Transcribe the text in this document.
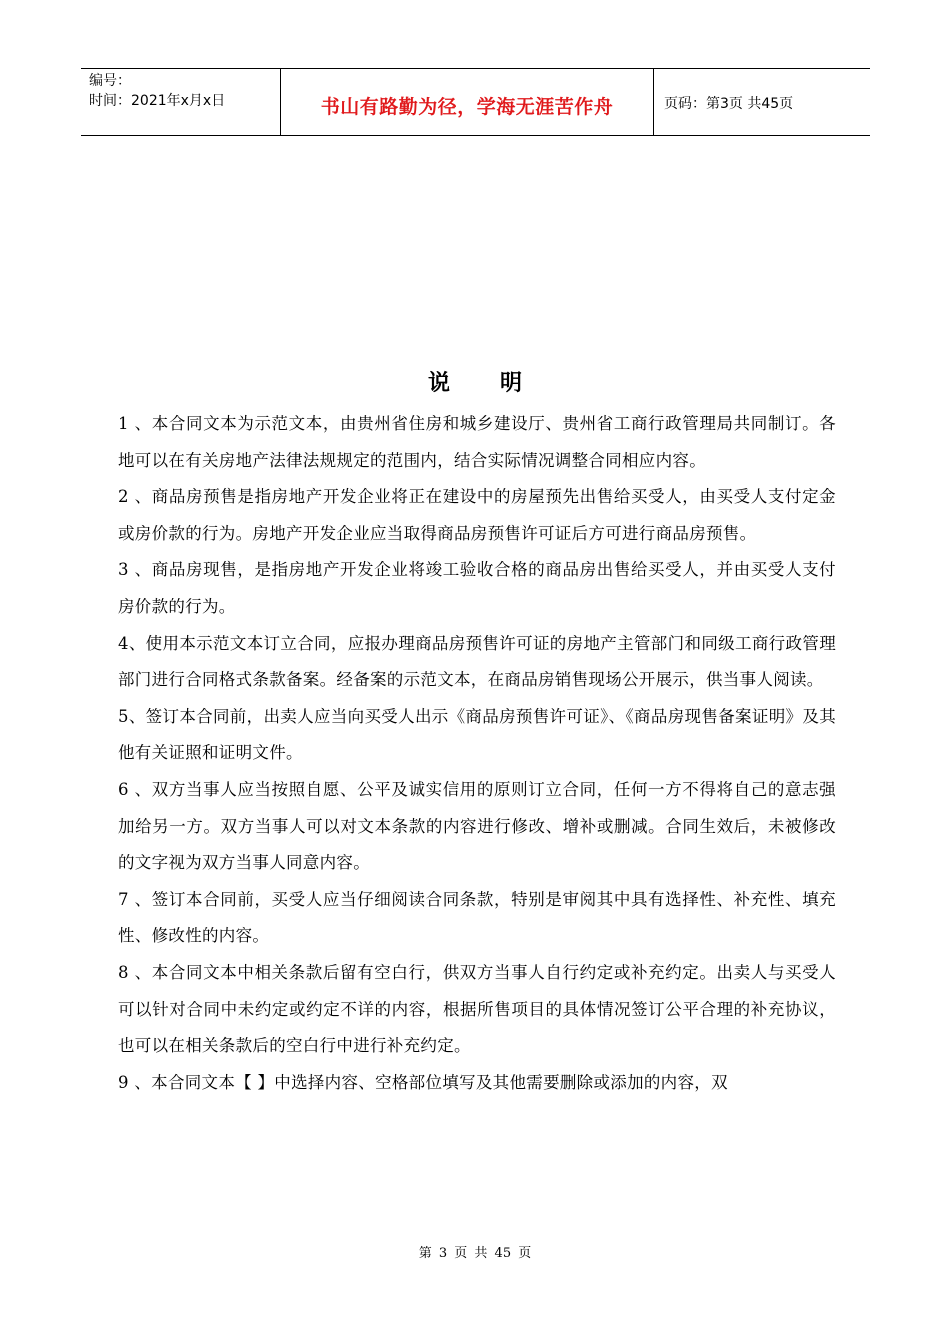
编号：
时间：2021年x月x日	书山有路勤为径，学海无涯苦作舟	页码：第3页 共45页
说 明

1 、本合同文本为示范文本，由贵州省住房和城乡建设厅、贵州省工商行政管理局共同制订。各地可以在有关房地产法律法规规定的范围内，结合实际情况调整合同相应内容。

2 、商品房预售是指房地产开发企业将正在建设中的房屋预先出售给买受人，由买受人支付定金或房价款的行为。房地产开发企业应当取得商品房预售许可证后方可进行商品房预售。

3 、商品房现售，是指房地产开发企业将竣工验收合格的商品房出售给买受人，并由买受人支付房价款的行为。

4、使用本示范文本订立合同，应报办理商品房预售许可证的房地产主管部门和同级工商行政管理部门进行合同格式条款备案。经备案的示范文本，在商品房销售现场公开展示，供当事人阅读。

5、签订本合同前，出卖人应当向买受人出示《商品房预售许可证》、《商品房现售备案证明》及其他有关证照和证明文件。

6 、双方当事人应当按照自愿、公平及诚实信用的原则订立合同，任何一方不得将自己的意志强加给另一方。双方当事人可以对文本条款的内容进行修改、增补或删减。合同生效后，未被修改的文字视为双方当事人同意内容。

7 、签订本合同前，买受人应当仔细阅读合同条款，特别是审阅其中具有选择性、补充性、填充性、修改性的内容。

8 、本合同文本中相关条款后留有空白行，供双方当事人自行约定或补充约定。出卖人与买受人可以针对合同中未约定或约定不详的内容，根据所售项目的具体情况签订公平合理的补充协议，也可以在相关条款后的空白行中进行补充约定。

9 、本合同文本【 】中选择内容、空格部位填写及其他需要删除或添加的内容，双

第 3 页 共 45 页
